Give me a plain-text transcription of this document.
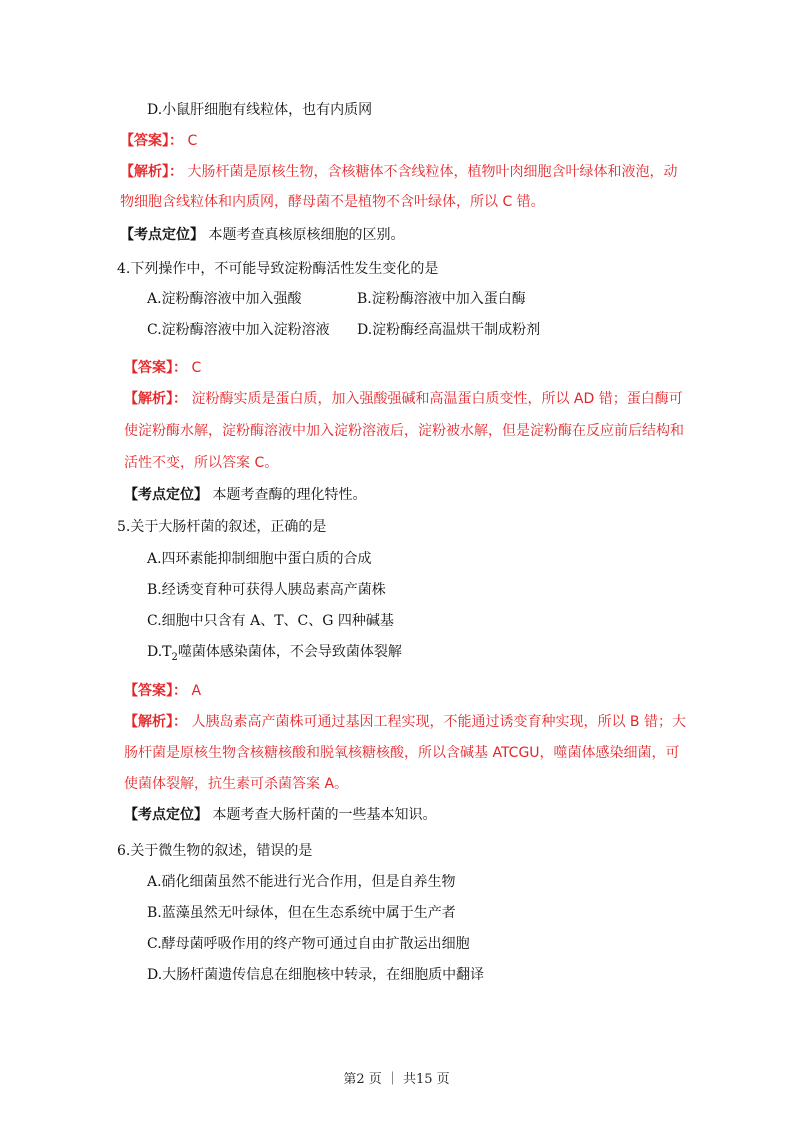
D.小鼠肝细胞有线粒体，也有内质网
【答案】： C
【解析】： 大肠杆菌是原核生物，含核糖体不含线粒体，植物叶肉细胞含叶绿体和液泡，动
物细胞含线粒体和内质网，酵母菌不是植物不含叶绿体，所以 C 错。
【考点定位】 本题考查真核原核细胞的区别。
4.下列操作中，不可能导致淀粉酶活性发生变化的是
A.淀粉酶溶液中加入强酸	B.淀粉酶溶液中加入蛋白酶
C.淀粉酶溶液中加入淀粉溶液 D.淀粉酶经高温烘干制成粉剂
【答案】： C
【解析】： 淀粉酶实质是蛋白质，加入强酸强碱和高温蛋白质变性，所以 AD 错；蛋白酶可
使淀粉酶水解，淀粉酶溶液中加入淀粉溶液后，淀粉被水解，但是淀粉酶在反应前后结构和
活性不变，所以答案 C。
【考点定位】 本题考查酶的理化特性。
5.关于大肠杆菌的叙述，正确的是
A.四环素能抑制细胞中蛋白质的合成
B.经诱变育种可获得人胰岛素高产菌株
C.细胞中只含有 A、T、C、G 四种碱基
$D.T_2$噬菌体感染菌体，不会导致菌体裂解
【答案】： A
【解析】： 人胰岛素高产菌株可通过基因工程实现，不能通过诱变育种实现，所以 B 错；大
肠杆菌是原核生物含核糖核酸和脱氧核糖核酸，所以含碱基 ATCGU，噬菌体感染细菌，可
使菌体裂解，抗生素可杀菌答案 A。
【考点定位】 本题考查大肠杆菌的一些基本知识。
6.关于微生物的叙述，错误的是
A.硝化细菌虽然不能进行光合作用，但是自养生物
B.蓝藻虽然无叶绿体，但在生态系统中属于生产者
C.酵母菌呼吸作用的终产物可通过自由扩散运出细胞
D.大肠杆菌遗传信息在细胞核中转录，在细胞质中翻译
第2 页 ｜ 共15 页
